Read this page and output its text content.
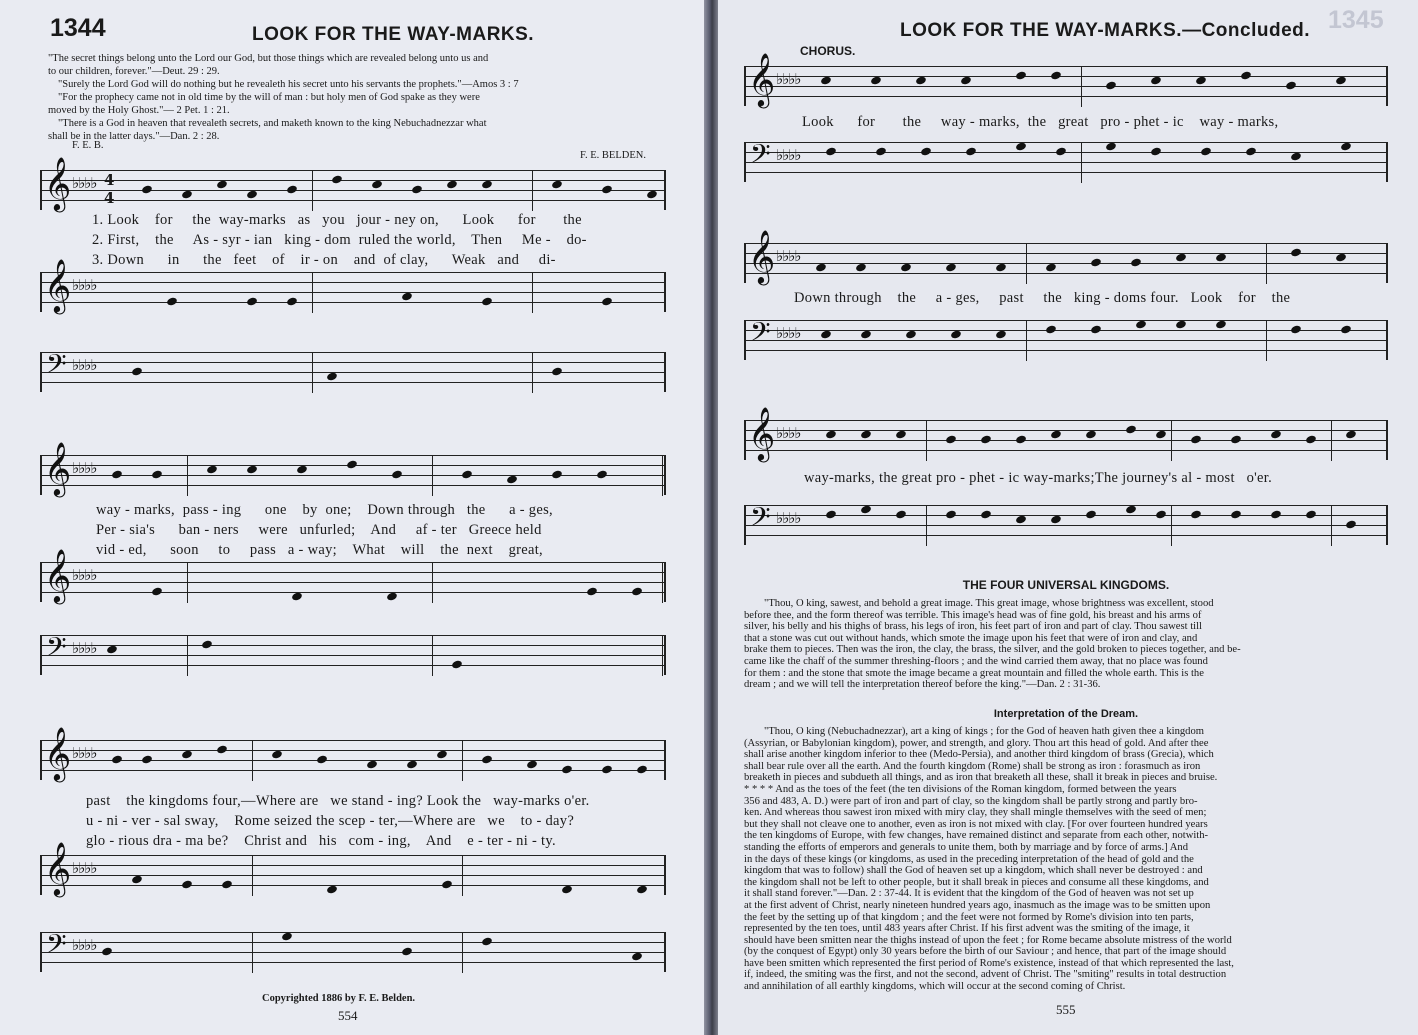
1344	LOOK FOR THE WAY-MARKS.
"The secret things belong unto the Lord our God, but those things which are revealed belong unto us and
to our children, forever."—Deut. 29 : 29.
"Surely the Lord God will do nothing but he revealeth his secret unto his servants the prophets."—Amos 3 : 7
"For the prophecy came not in old time by the will of man : but holy men of God spake as they were
moved by the Holy Ghost."— 2 Pet. 1 : 21.
"There is a God in heaven that revealeth secrets, and maketh known to the king Nebuchadnezzar what
shall be in the latter days."—Dan. 2 : 28.
F. E. B.
F. E. BELDEN.
𝄞 ♭♭♭♭ 4
4
1. Look for the way-marks as you jour - ney on, Look for the
2. First, the As - syr - ian king - dom ruled the world, Then Me - do-
3. Down in the feet of ir - on and of clay, Weak and di-
𝄞 ♭♭♭♭
𝄢 ♭♭♭♭
𝄞 ♭♭♭♭
way - marks, pass - ing one by one; Down through the a - ges,
Per - sia's ban - ners were unfurled; And af - ter Greece held
vid - ed, soon to pass a - way; What will the next great,
𝄞 ♭♭♭♭
𝄢 ♭♭♭♭
𝄞 ♭♭♭♭
past the kingdoms four,—Where are we stand - ing? Look the way-marks o'er.
u - ni - ver - sal sway, Rome seized the scep - ter,—Where are we to - day?
glo - rious dra - ma be? Christ and his com - ing, And e - ter - ni - ty.
𝄞 ♭♭♭♭
𝄢 ♭♭♭♭
Copyrighted 1886 by F. E. Belden.
554
LOOK FOR THE WAY-MARKS.—Concluded. 1345
CHORUS.
𝄞 ♭♭♭♭
Look for the way - marks, the great pro - phet - ic way - marks,
𝄢 ♭♭♭♭
𝄞 ♭♭♭♭
Down through the a - ges, past the king - doms four. Look for the
𝄢 ♭♭♭♭
𝄞 ♭♭♭♭
way-marks, the great pro - phet - ic way-marks;The journey's al - most o'er.
𝄢 ♭♭♭♭
THE FOUR UNIVERSAL KINGDOMS.
"Thou, O king, sawest, and behold a great image. This great image, whose brightness was excellent, stood
before thee, and the form thereof was terrible. This image's head was of fine gold, his breast and his arms of
silver, his belly and his thighs of brass, his legs of iron, his feet part of iron and part of clay. Thou sawest till
that a stone was cut out without hands, which smote the image upon his feet that were of iron and clay, and
brake them to pieces. Then was the iron, the clay, the brass, the silver, and the gold broken to pieces together, and be-
came like the chaff of the summer threshing-floors ; and the wind carried them away, that no place was found
for them : and the stone that smote the image became a great mountain and filled the whole earth. This is the
dream ; and we will tell the interpretation thereof before the king."—Dan. 2 : 31-36.
Interpretation of the Dream.
"Thou, O king (Nebuchadnezzar), art a king of kings ; for the God of heaven hath given thee a kingdom
(Assyrian, or Babylonian kingdom), power, and strength, and glory. Thou art this head of gold. And after thee
shall arise another kingdom inferior to thee (Medo-Persia), and another third kingdom of brass (Grecia), which
shall bear rule over all the earth. And the fourth kingdom (Rome) shall be strong as iron : forasmuch as iron
breaketh in pieces and subdueth all things, and as iron that breaketh all these, shall it break in pieces and bruise.
* * * * And as the toes of the feet (the ten divisions of the Roman kingdom, formed between the years
356 and 483, A. D.) were part of iron and part of clay, so the kingdom shall be partly strong and partly bro-
ken. And whereas thou sawest iron mixed with miry clay, they shall mingle themselves with the seed of men;
but they shall not cleave one to another, even as iron is not mixed with clay. [For over fourteen hundred years
the ten kingdoms of Europe, with few changes, have remained distinct and separate from each other, notwith-
standing the efforts of emperors and generals to unite them, both by marriage and by force of arms.] And
in the days of these kings (or kingdoms, as used in the preceding interpretation of the head of gold and the
kingdom that was to follow) shall the God of heaven set up a kingdom, which shall never be destroyed : and
the kingdom shall not be left to other people, but it shall break in pieces and consume all these kingdoms, and
it shall stand forever."—Dan. 2 : 37-44. It is evident that the kingdom of the God of heaven was not set up
at the first advent of Christ, nearly nineteen hundred years ago, inasmuch as the image was to be smitten upon
the feet by the setting up of that kingdom ; and the feet were not formed by Rome's division into ten parts,
represented by the ten toes, until 483 years after Christ. If his first advent was the smiting of the image, it
should have been smitten near the thighs instead of upon the feet ; for Rome became absolute mistress of the world
(by the conquest of Egypt) only 30 years before the birth of our Saviour ; and hence, that part of the image should
have been smitten which represented the first period of Rome's existence, instead of that which represented the last,
if, indeed, the smiting was the first, and not the second, advent of Christ. The "smiting" results in total destruction
and annihilation of all earthly kingdoms, which will occur at the second coming of Christ.
555
